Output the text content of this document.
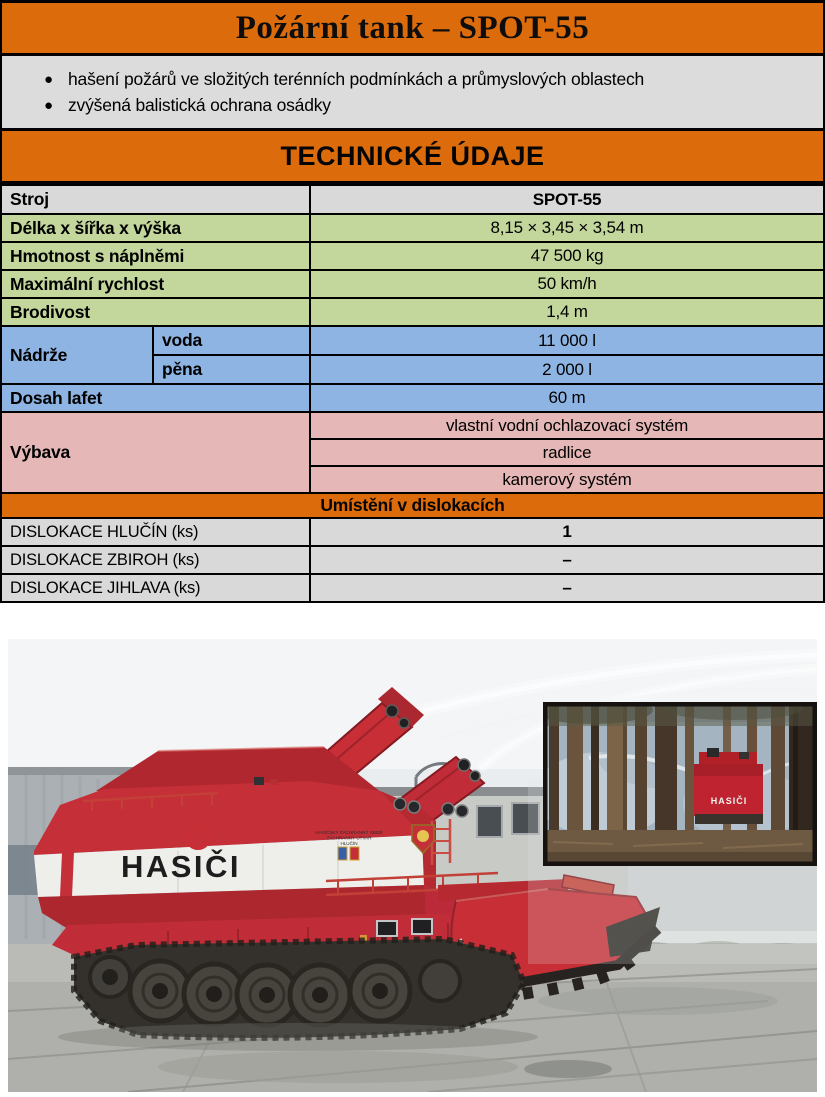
Požární tank – SPOT-55
● hašení požárů ve složitých terénních podmínkách a průmyslových oblastech
● zvýšená balistická ochrana osádky
TECHNICKÉ ÚDAJE
Stroj	SPOT-55
Délka x šířka x výška	8,15 × 3,45 × 3,54 m
Hmotnost s náplněmi	47 500 kg
Maximální rychlost	50 km/h
Brodivost	1,4 m
Nádrže
voda	11 000 l
pěna	2 000 l
Dosah lafet	60 m
Výbava
vlastní vodní ochlazovací systém
radlice
kamerový systém
Umístění v dislokacích
DISLOKACE HLUČÍN (ks)	1
DISLOKACE ZBIROH (ks)	–
DISLOKACE JIHLAVA (ks)	–
HASIČI
HASIČSKÝ ZÁCHRANNÝ SBOR
ZÁCHRANNÝ ÚTVAR
HLUČÍN
HASIČI
